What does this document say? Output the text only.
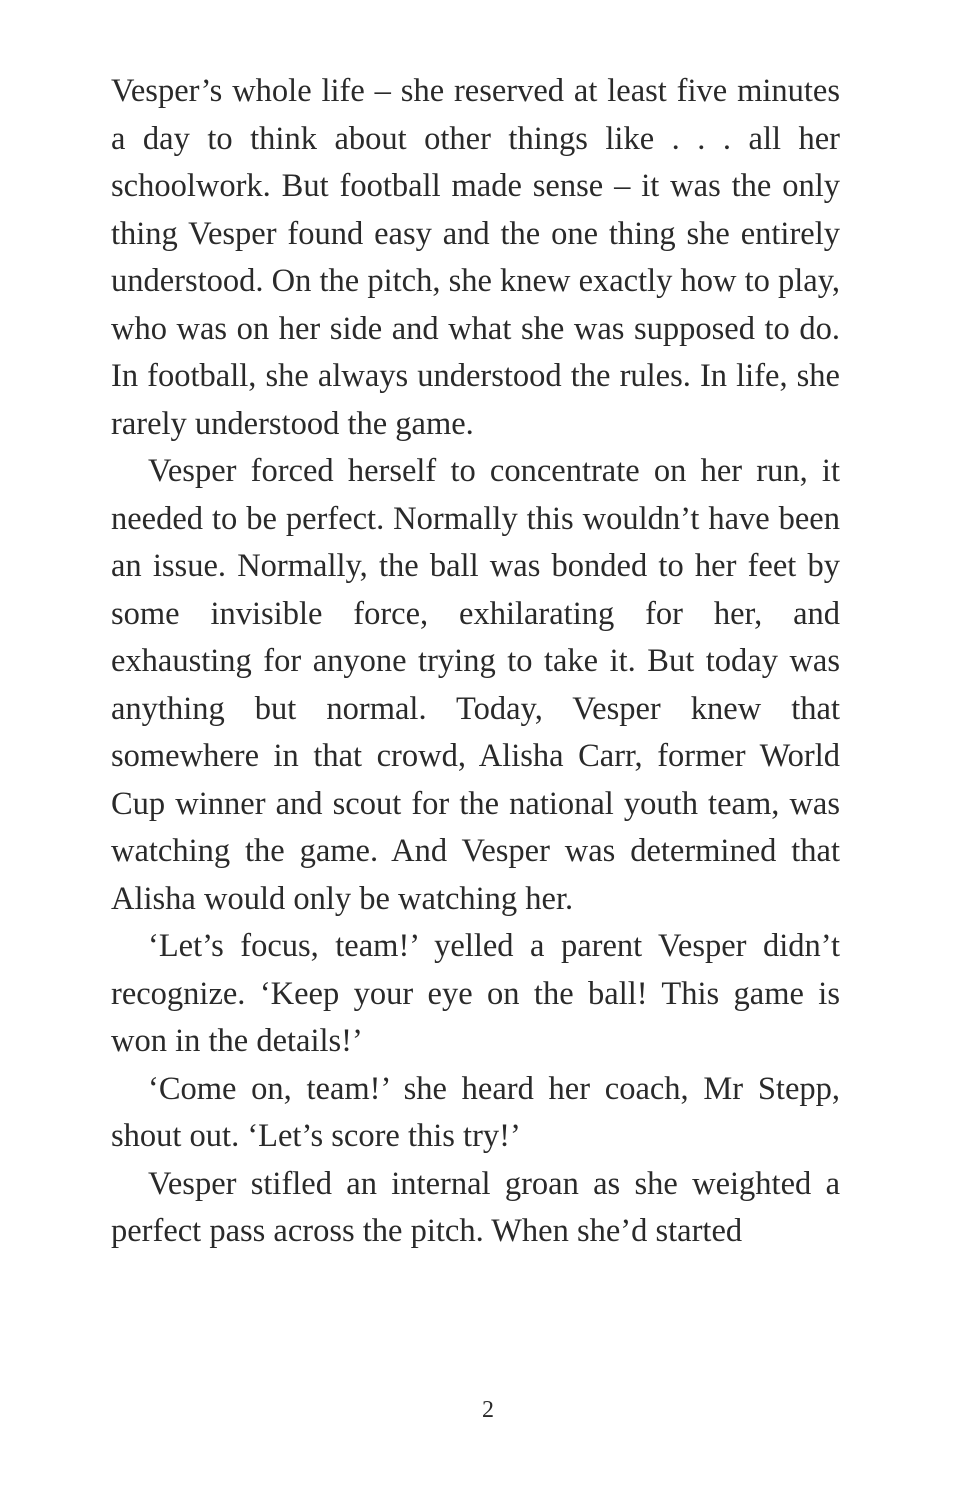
Vesper’s whole life – she reserved at least five minutes a day to think about other things like . . . all her schoolwork. But football made sense – it was the only thing Vesper found easy and the one thing she entirely understood. On the pitch, she knew exactly how to play, who was on her side and what she was supposed to do. In football, she always understood the rules. In life, she rarely understood the game.

Vesper forced herself to concentrate on her run, it needed to be perfect. Normally this wouldn’t have been an issue. Normally, the ball was bonded to her feet by some invisible force, exhilarating for her, and exhausting for anyone trying to take it. But today was anything but normal. Today, Vesper knew that somewhere in that crowd, Alisha Carr, former World Cup winner and scout for the national youth team, was watching the game. And Vesper was determined that Alisha would only be watching her.

‘Let’s focus, team!’ yelled a parent Vesper didn’t recognize. ‘Keep your eye on the ball! This game is won in the details!’

‘Come on, team!’ she heard her coach, Mr Stepp, shout out. ‘Let’s score this try!’

Vesper stifled an internal groan as she weighted a perfect pass across the pitch. When she’d started

2
